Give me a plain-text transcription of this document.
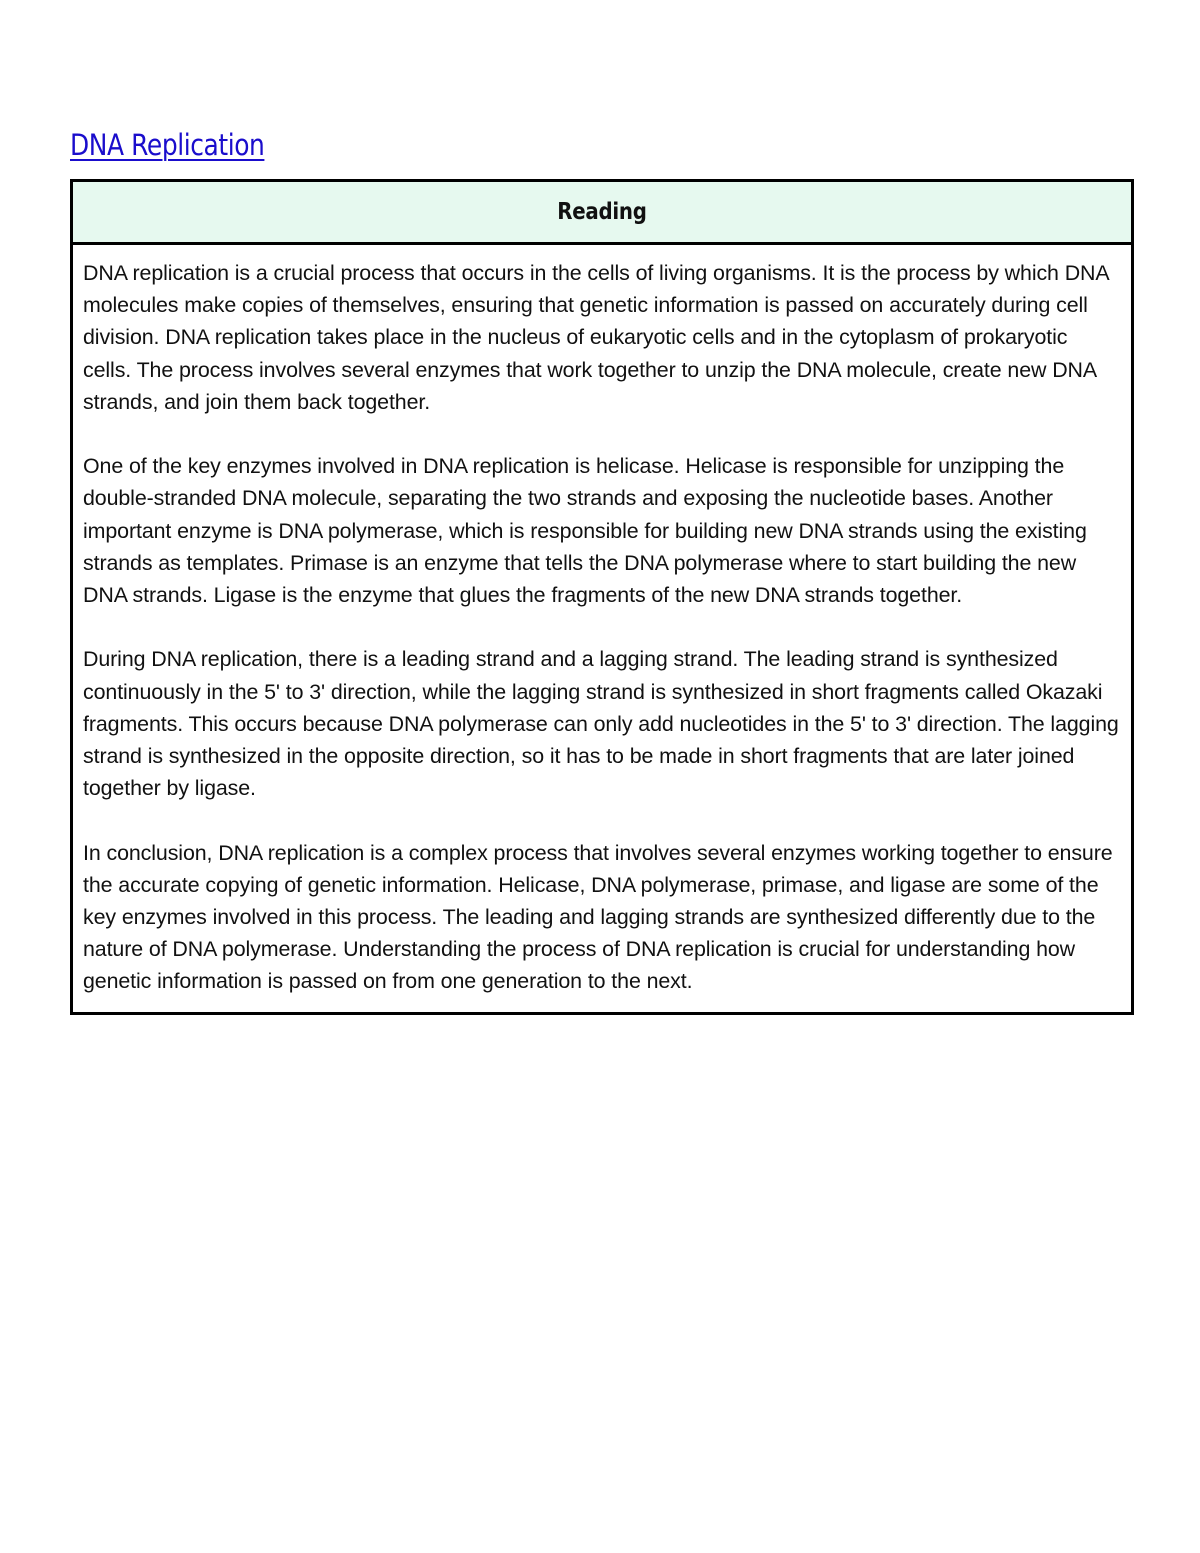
DNA Replication
Reading

DNA replication is a crucial process that occurs in the cells of living organisms. It is the process by which DNA molecules make copies of themselves, ensuring that genetic information is passed on accurately during cell division. DNA replication takes place in the nucleus of eukaryotic cells and in the cytoplasm of prokaryotic cells. The process involves several enzymes that work together to unzip the DNA molecule, create new DNA strands, and join them back together.

One of the key enzymes involved in DNA replication is helicase. Helicase is responsible for unzipping the double-stranded DNA molecule, separating the two strands and exposing the nucleotide bases. Another important enzyme is DNA polymerase, which is responsible for building new DNA strands using the existing strands as templates. Primase is an enzyme that tells the DNA polymerase where to start building the new DNA strands. Ligase is the enzyme that glues the fragments of the new DNA strands together.

During DNA replication, there is a leading strand and a lagging strand. The leading strand is synthesized continuously in the 5' to 3' direction, while the lagging strand is synthesized in short fragments called Okazaki fragments. This occurs because DNA polymerase can only add nucleotides in the 5' to 3' direction. The lagging strand is synthesized in the opposite direction, so it has to be made in short fragments that are later joined together by ligase.

In conclusion, DNA replication is a complex process that involves several enzymes working together to ensure the accurate copying of genetic information. Helicase, DNA polymerase, primase, and ligase are some of the key enzymes involved in this process. The leading and lagging strands are synthesized differently due to the nature of DNA polymerase. Understanding the process of DNA replication is crucial for understanding how genetic information is passed on from one generation to the next.
